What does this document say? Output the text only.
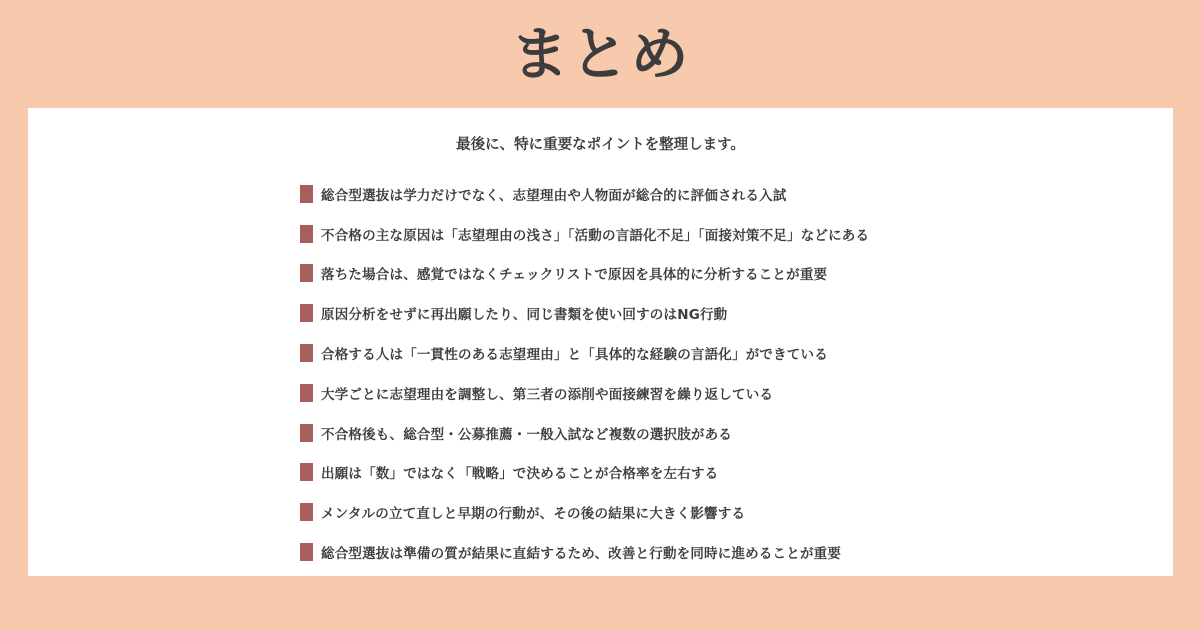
まとめ
最後に、特に重要なポイントを整理します。
総合型選抜は学力だけでなく、志望理由や人物面が総合的に評価される入試
不合格の主な原因は「志望理由の浅さ」「活動の言語化不足」「面接対策不足」などにある
落ちた場合は、感覚ではなくチェックリストで原因を具体的に分析することが重要
原因分析をせずに再出願したり、同じ書類を使い回すのはNG行動
合格する人は「一貫性のある志望理由」と「具体的な経験の言語化」ができている
大学ごとに志望理由を調整し、第三者の添削や面接練習を繰り返している
不合格後も、総合型・公募推薦・一般入試など複数の選択肢がある
出願は「数」ではなく「戦略」で決めることが合格率を左右する
メンタルの立て直しと早期の行動が、その後の結果に大きく影響する
総合型選抜は準備の質が結果に直結するため、改善と行動を同時に進めることが重要
